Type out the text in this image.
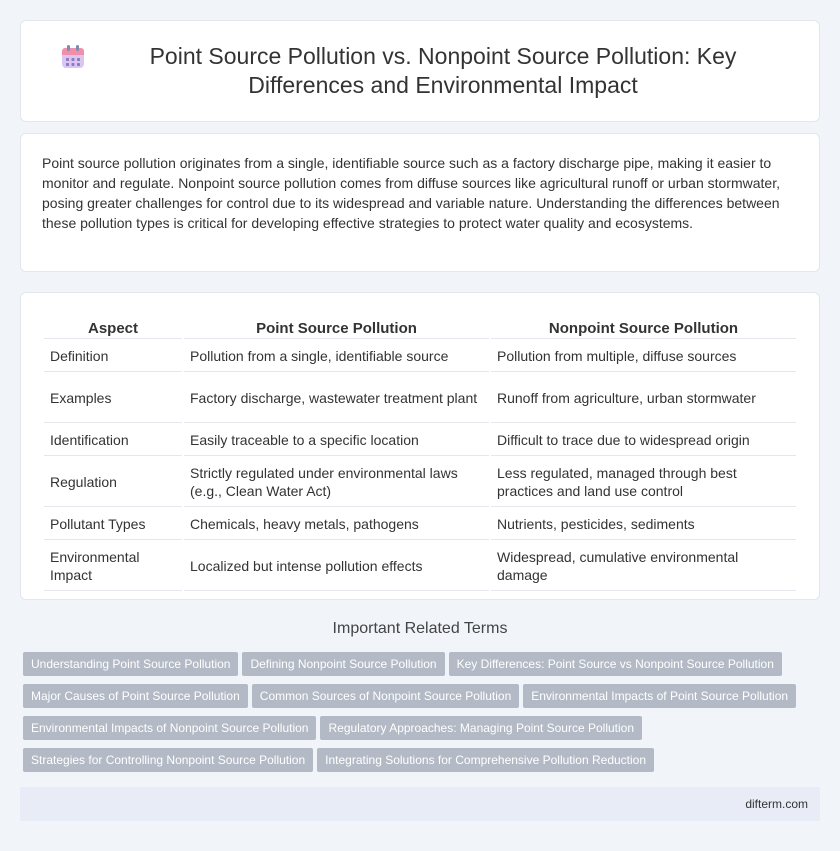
Point Source Pollution vs. Nonpoint Source Pollution: Key Differences and Environmental Impact

Point source pollution originates from a single, identifiable source such as a factory discharge pipe, making it easier to monitor and regulate. Nonpoint source pollution comes from diffuse sources like agricultural runoff or urban stormwater, posing greater challenges for control due to its widespread and variable nature. Understanding the differences between these pollution types is critical for developing effective strategies to protect water quality and ecosystems.

Aspect	Point Source Pollution	Nonpoint Source Pollution
Definition	Pollution from a single, identifiable source	Pollution from multiple, diffuse sources
Examples	Factory discharge, wastewater treatment plant	Runoff from agriculture, urban stormwater
Identification	Easily traceable to a specific location	Difficult to trace due to widespread origin
Regulation	Strictly regulated under environmental laws (e.g., Clean Water Act)	Less regulated, managed through best practices and land use control
Pollutant Types	Chemicals, heavy metals, pathogens	Nutrients, pesticides, sediments
Environmental Impact	Localized but intense pollution effects	Widespread, cumulative environmental damage
Important Related Terms
Understanding Point Source Pollution Defining Nonpoint Source Pollution Key Differences: Point Source vs Nonpoint Source Pollution
Major Causes of Point Source Pollution Common Sources of Nonpoint Source Pollution Environmental Impacts of Point Source Pollution
Environmental Impacts of Nonpoint Source Pollution Regulatory Approaches: Managing Point Source Pollution
Strategies for Controlling Nonpoint Source Pollution Integrating Solutions for Comprehensive Pollution Reduction
difterm.com
